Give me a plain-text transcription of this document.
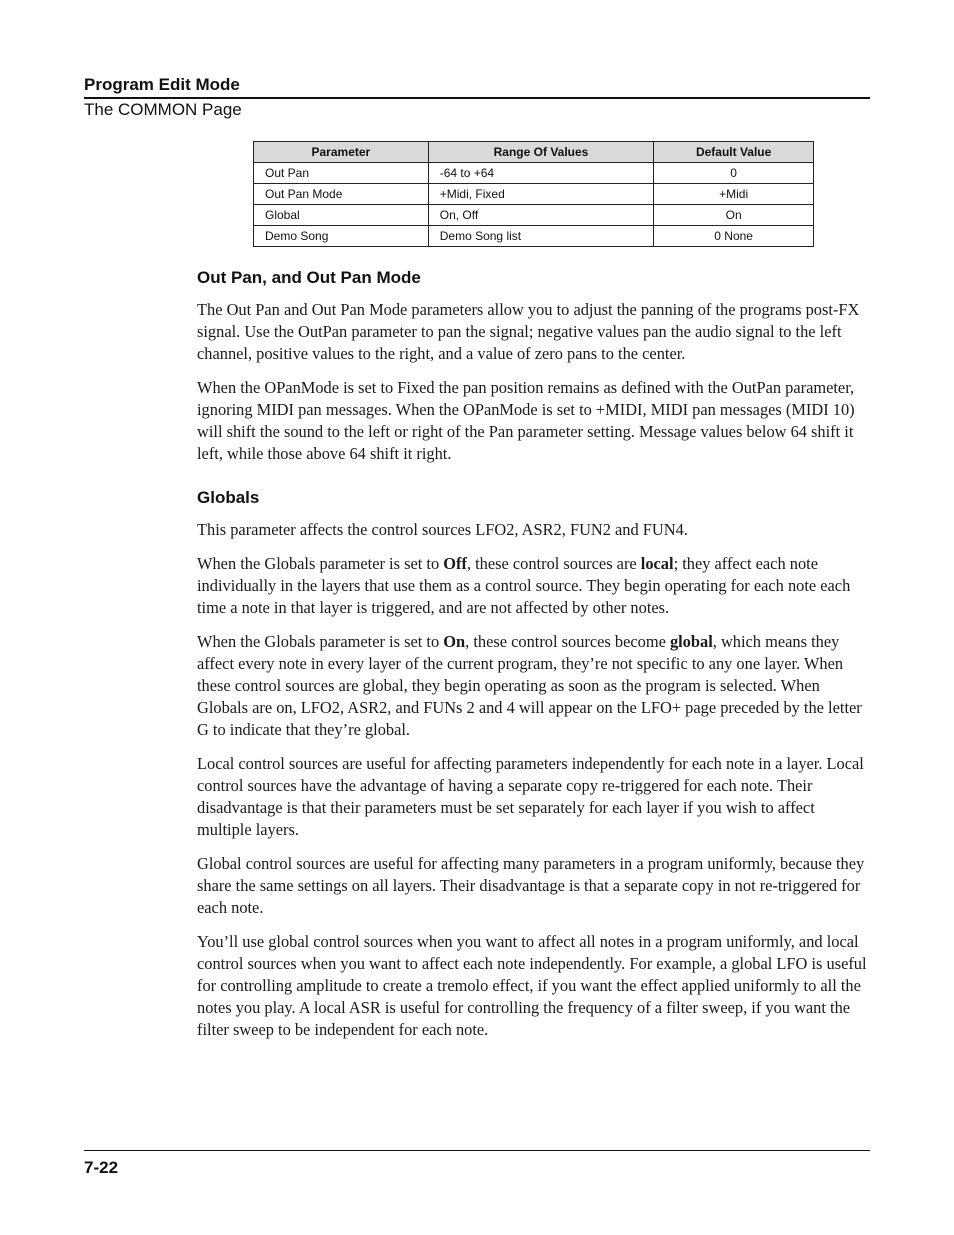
Program Edit Mode
The COMMON Page
Parameter	Range Of Values	Default Value
Out Pan	-64 to +64	0
Out Pan Mode	+Midi, Fixed	+Midi
Global	On, Off	On
Demo Song	Demo Song list	0 None
Out Pan, and Out Pan Mode

The Out Pan and Out Pan Mode parameters allow you to adjust the panning of the programs post-FX signal. Use the OutPan parameter to pan the signal; negative values pan the audio signal to the left channel, positive values to the right, and a value of zero pans to the center.

When the OPanMode is set to Fixed the pan position remains as defined with the OutPan parameter, ignoring MIDI pan messages. When the OPanMode is set to +MIDI, MIDI pan messages (MIDI 10) will shift the sound to the left or right of the Pan parameter setting. Message values below 64 shift it left, while those above 64 shift it right.

Globals

This parameter affects the control sources LFO2, ASR2, FUN2 and FUN4.

When the Globals parameter is set to Off, these control sources are local; they affect each note individually in the layers that use them as a control source. They begin operating for each note each time a note in that layer is triggered, and are not affected by other notes.

When the Globals parameter is set to On, these control sources become global, which means they affect every note in every layer of the current program, they’re not specific to any one layer. When these control sources are global, they begin operating as soon as the program is selected. When Globals are on, LFO2, ASR2, and FUNs 2 and 4 will appear on the LFO+ page preceded by the letter G to indicate that they’re global.

Local control sources are useful for affecting parameters independently for each note in a layer. Local control sources have the advantage of having a separate copy re-triggered for each note. Their disadvantage is that their parameters must be set separately for each layer if you wish to affect multiple layers.

Global control sources are useful for affecting many parameters in a program uniformly, because they share the same settings on all layers. Their disadvantage is that a separate copy in not re-triggered for each note.

You’ll use global control sources when you want to affect all notes in a program uniformly, and local control sources when you want to affect each note independently. For example, a global LFO is useful for controlling amplitude to create a tremolo effect, if you want the effect applied uniformly to all the notes you play. A local ASR is useful for controlling the frequency of a filter sweep, if you want the filter sweep to be independent for each note.

7-22
